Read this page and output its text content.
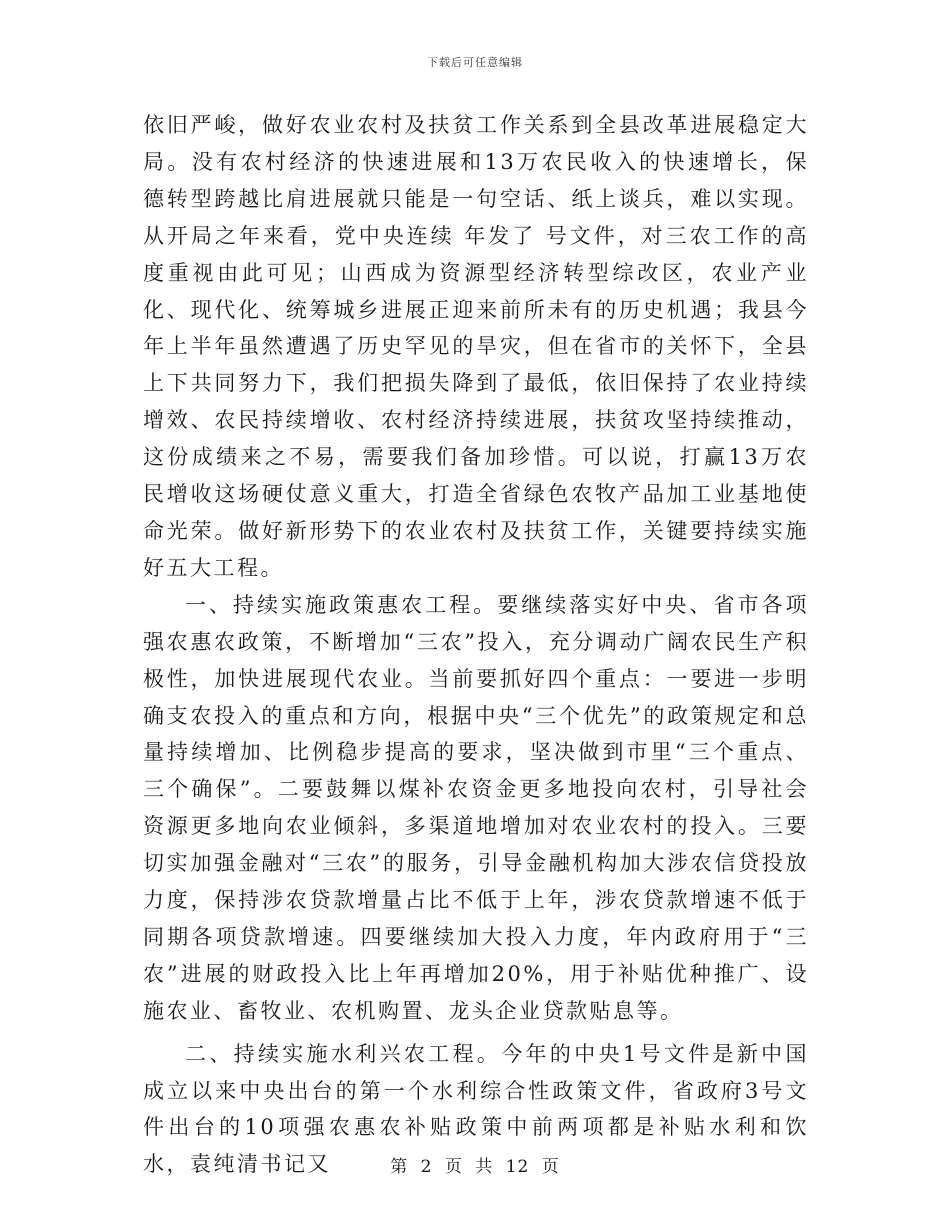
下载后可任意编辑

依旧严峻，做好农业农村及扶贫工作关系到全县改革进展稳定大局。没有农村经济的快速进展和13万农民收入的快速增长，保德转型跨越比肩进展就只能是一句空话、纸上谈兵，难以实现。从开局之年来看，党中央连续 年发了 号文件，对三农工作的高度重视由此可见；山西成为资源型经济转型综改区，农业产业化、现代化、统筹城乡进展正迎来前所未有的历史机遇；我县今年上半年虽然遭遇了历史罕见的旱灾，但在省市的关怀下，全县上下共同努力下，我们把损失降到了最低，依旧保持了农业持续增效、农民持续增收、农村经济持续进展，扶贫攻坚持续推动，这份成绩来之不易，需要我们备加珍惜。可以说，打赢13万农民增收这场硬仗意义重大，打造全省绿色农牧产品加工业基地使命光荣。做好新形势下的农业农村及扶贫工作，关键要持续实施好五大工程。

一、持续实施政策惠农工程。要继续落实好中央、省市各项强农惠农政策，不断增加“三农”投入，充分调动广阔农民生产积极性，加快进展现代农业。当前要抓好四个重点：一要进一步明确支农投入的重点和方向，根据中央“三个优先”的政策规定和总量持续增加、比例稳步提高的要求，坚决做到市里“三个重点、三个确保”。二要鼓舞以煤补农资金更多地投向农村，引导社会资源更多地向农业倾斜，多渠道地增加对农业农村的投入。三要切实加强金融对“三农”的服务，引导金融机构加大涉农信贷投放力度，保持涉农贷款增量占比不低于上年，涉农贷款增速不低于同期各项贷款增速。四要继续加大投入力度，年内政府用于“三农”进展的财政投入比上年再增加20%，用于补贴优种推广、设施农业、畜牧业、农机购置、龙头企业贷款贴息等。

二、持续实施水利兴农工程。今年的中央1号文件是新中国成立以来中央出台的第一个水利综合性政策文件，省政府3号文件出台的10项强农惠农补贴政策中前两项都是补贴水利和饮水，袁纯清书记又	第 2 页 共 12 页
